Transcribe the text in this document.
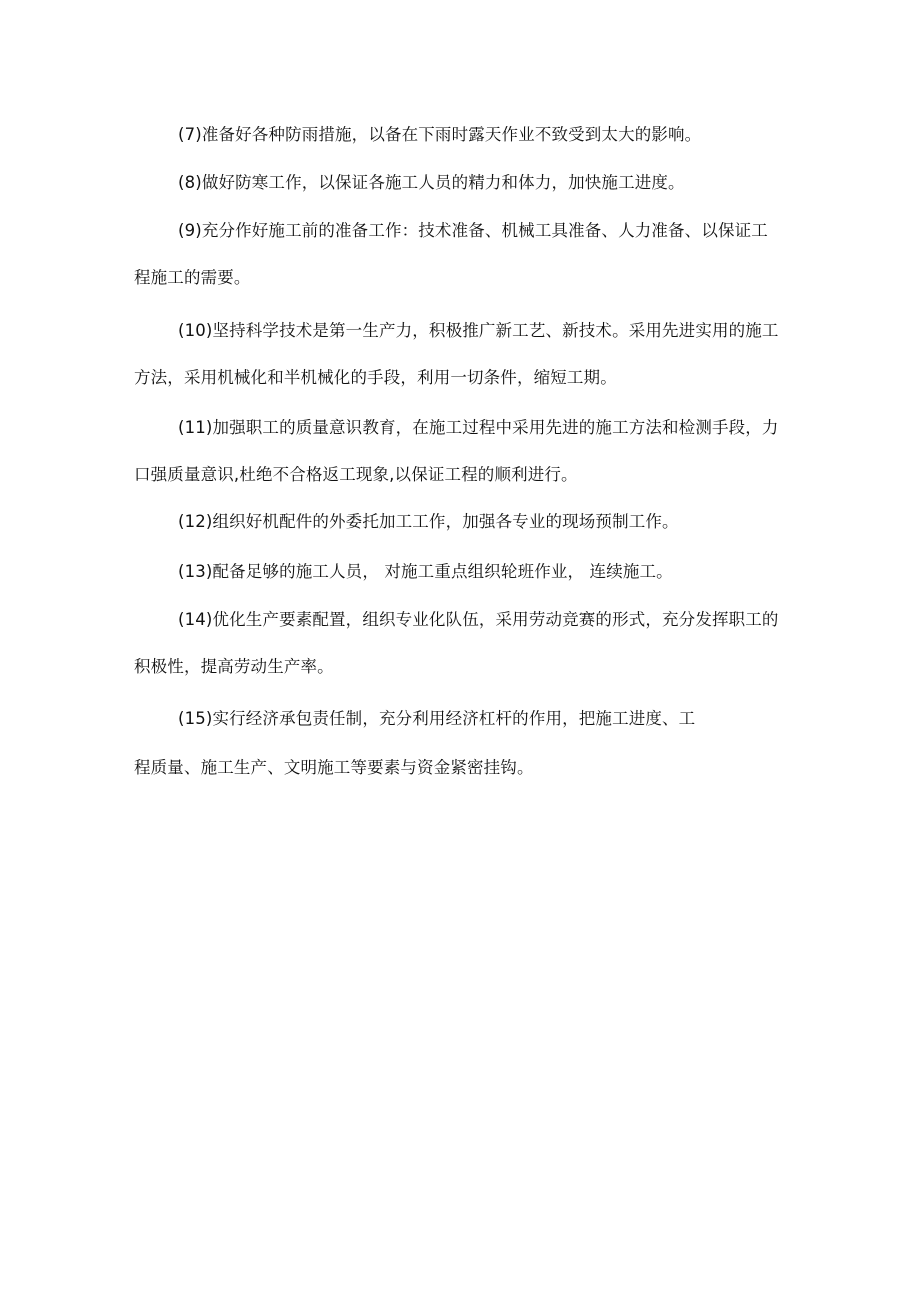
(7)准备好各种防雨措施，以备在下雨时露天作业不致受到太大的影响。
(8)做好防寒工作，以保证各施工人员的精力和体力，加快施工进度。
(9)充分作好施工前的准备工作：技术准备、机械工具准备、人力准备、以保证工
程施工的需要。
(10)坚持科学技术是第一生产力，积极推广新工艺、新技术。采用先进实用的施工
方法，采用机械化和半机械化的手段，利用一切条件，缩短工期。
(11)加强职工的质量意识教育，在施工过程中采用先进的施工方法和检测手段，力
口强质量意识,杜绝不合格返工现象,以保证工程的顺利进行。
(12)组织好机配件的外委托加工工作，加强各专业的现场预制工作。
(13)配备足够的施工人员， 对施工重点组织轮班作业， 连续施工。
(14)优化生产要素配置，组织专业化队伍，采用劳动竞赛的形式，充分发挥职工的
积极性，提高劳动生产率。
(15)实行经济承包责任制，充分利用经济杠杆的作用，把施工进度、工
程质量、施工生产、文明施工等要素与资金紧密挂钩。
